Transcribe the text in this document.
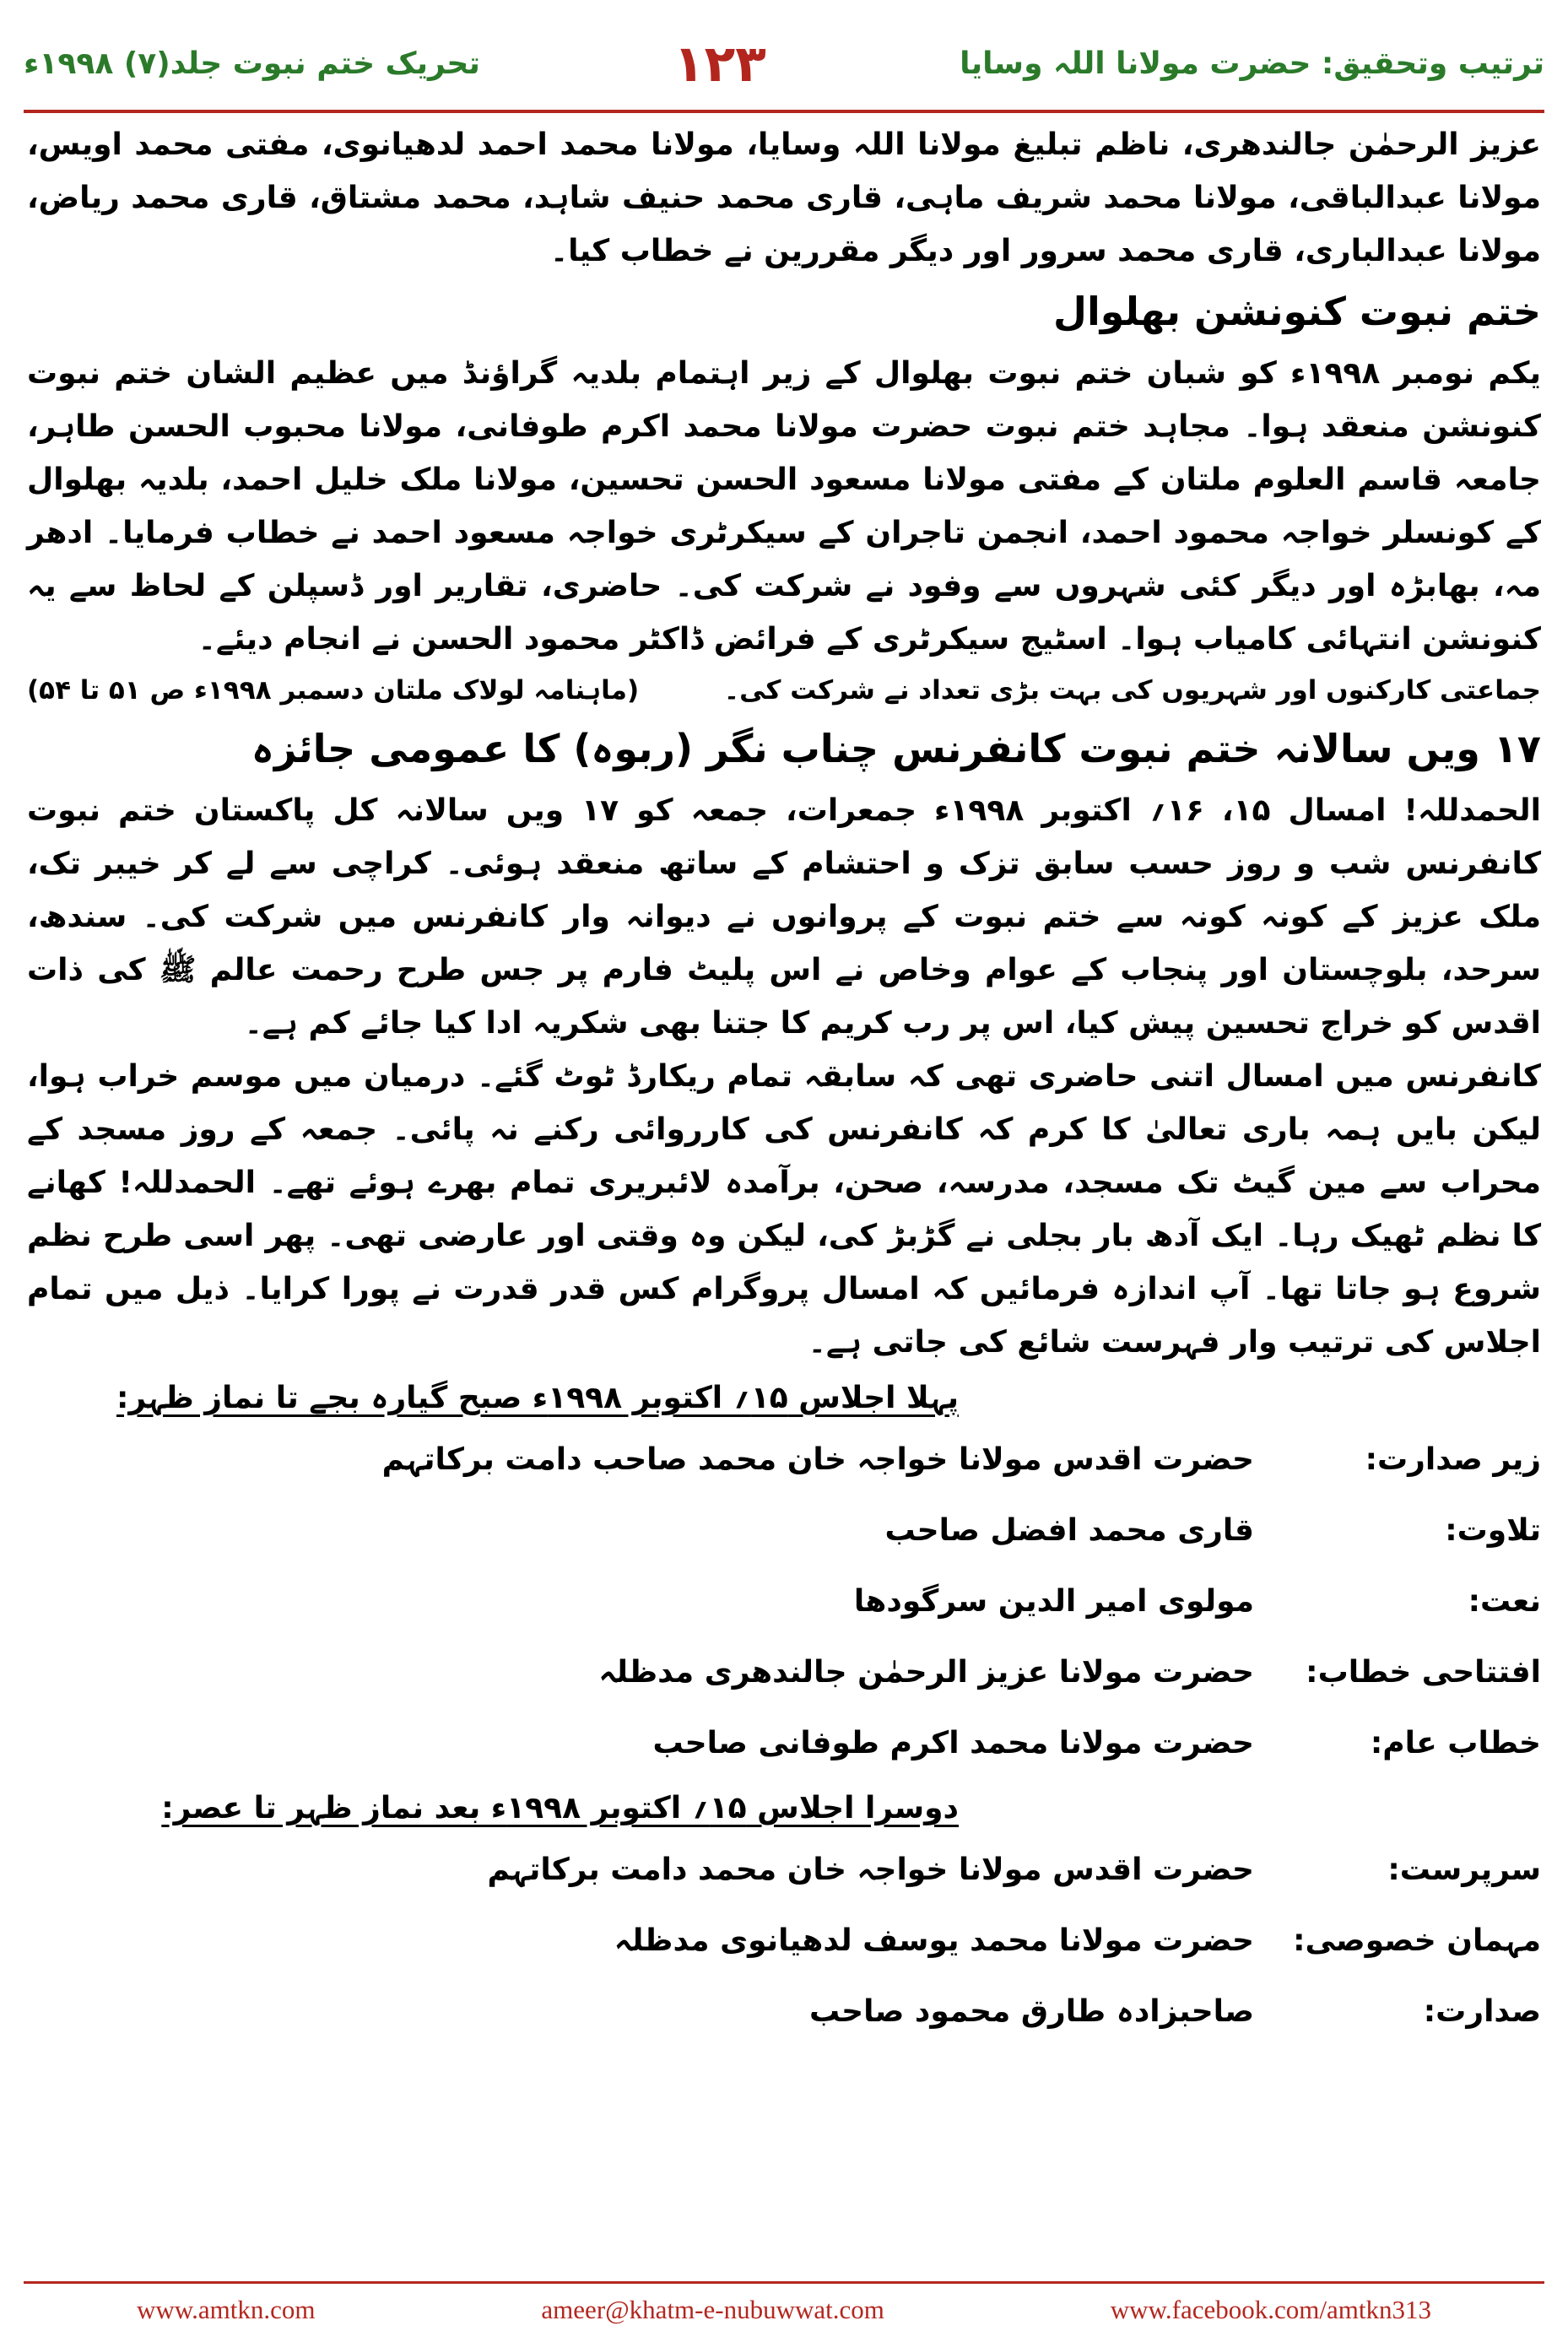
تحریک ختم نبوت جلد(۷) ۱۹۹۸ء	۱۲۳	ترتیب وتحقیق: حضرت مولانا اللہ وسایا

عزیز الرحمٰن جالندھری، ناظم تبلیغ مولانا اللہ وسایا، مولانا محمد احمد لدھیانوی، مفتی محمد اویس، مولانا عبدالباقی، مولانا محمد شریف ماہی، قاری محمد حنیف شاہد، محمد مشتاق، قاری محمد ریاض، مولانا عبدالباری، قاری محمد سرور اور دیگر مقررین نے خطاب کیا۔

ختم نبوت کنونشن بھلوال

یکم نومبر ۱۹۹۸ء کو شبان ختم نبوت بھلوال کے زیر اہتمام بلدیہ گراؤنڈ میں عظیم الشان ختم نبوت کنونشن منعقد ہوا۔ مجاہد ختم نبوت حضرت مولانا محمد اکرم طوفانی، مولانا محبوب الحسن طاہر، جامعہ قاسم العلوم ملتان کے مفتی مولانا مسعود الحسن تحسین، مولانا ملک خلیل احمد، بلدیہ بھلوال کے کونسلر خواجہ محمود احمد، انجمن تاجران کے سیکرٹری خواجہ مسعود احمد نے خطاب فرمایا۔ ادھر مہ، بھابڑہ اور دیگر کئی شہروں سے وفود نے شرکت کی۔ حاضری، تقاریر اور ڈسپلن کے لحاظ سے یہ کنونشن انتہائی کامیاب ہوا۔ اسٹیج سیکرٹری کے فرائض ڈاکٹر محمود الحسن نے انجام دیئے۔

جماعتی کارکنوں اور شہریوں کی بہت بڑی تعداد نے شرکت کی۔
(ماہنامہ لولاک ملتان دسمبر ۱۹۹۸ء ص ۵۱ تا ۵۴)
۱۷ ویں سالانہ ختم نبوت کانفرنس چناب نگر (ربوہ) کا عمومی جائزہ

الحمدللہ! امسال ۱۵، ۱۶؍ اکتوبر ۱۹۹۸ء جمعرات، جمعہ کو ۱۷ ویں سالانہ کل پاکستان ختم نبوت کانفرنس شب و روز حسب سابق تزک و احتشام کے ساتھ منعقد ہوئی۔ کراچی سے لے کر خیبر تک، ملک عزیز کے کونہ کونہ سے ختم نبوت کے پروانوں نے دیوانہ وار کانفرنس میں شرکت کی۔ سندھ، سرحد، بلوچستان اور پنجاب کے عوام وخاص نے اس پلیٹ فارم پر جس طرح رحمت عالم ﷺ کی ذات اقدس کو خراج تحسین پیش کیا، اس پر رب کریم کا جتنا بھی شکریہ ادا کیا جائے کم ہے۔

کانفرنس میں امسال اتنی حاضری تھی کہ سابقہ تمام ریکارڈ ٹوٹ گئے۔ درمیان میں موسم خراب ہوا، لیکن بایں ہمہ باری تعالیٰ کا کرم کہ کانفرنس کی کارروائی رکنے نہ پائی۔ جمعہ کے روز مسجد کے محراب سے مین گیٹ تک مسجد، مدرسہ، صحن، برآمدہ لائبریری تمام بھرے ہوئے تھے۔ الحمدللہ! کھانے کا نظم ٹھیک رہا۔ ایک آدھ بار بجلی نے گڑبڑ کی، لیکن وہ وقتی اور عارضی تھی۔ پھر اسی طرح نظم شروع ہو جاتا تھا۔ آپ اندازہ فرمائیں کہ امسال پروگرام کس قدر قدرت نے پورا کرایا۔ ذیل میں تمام اجلاس کی ترتیب وار فہرست شائع کی جاتی ہے۔

پہلا اجلاس ۱۵؍ اکتوبر ۱۹۹۸ء صبح گیارہ بجے تا نماز ظہر:
زیر صدارت:
حضرت اقدس مولانا خواجہ خان محمد صاحب دامت برکاتہم
تلاوت:
قاری محمد افضل صاحب
نعت:
مولوی امیر الدین سرگودھا
افتتاحی خطاب:
حضرت مولانا عزیز الرحمٰن جالندھری مدظلہ
خطاب عام:
حضرت مولانا محمد اکرم طوفانی صاحب
دوسرا اجلاس ۱۵؍ اکتوبر ۱۹۹۸ء بعد نماز ظہر تا عصر:
سرپرست:
حضرت اقدس مولانا خواجہ خان محمد دامت برکاتہم
مہمان خصوصی:
حضرت مولانا محمد یوسف لدھیانوی مدظلہ
صدارت:
صاحبزادہ طارق محمود صاحب
www.amtkn.com	ameer@khatm-e-nubuwwat.com	www.facebook.com/amtkn313
